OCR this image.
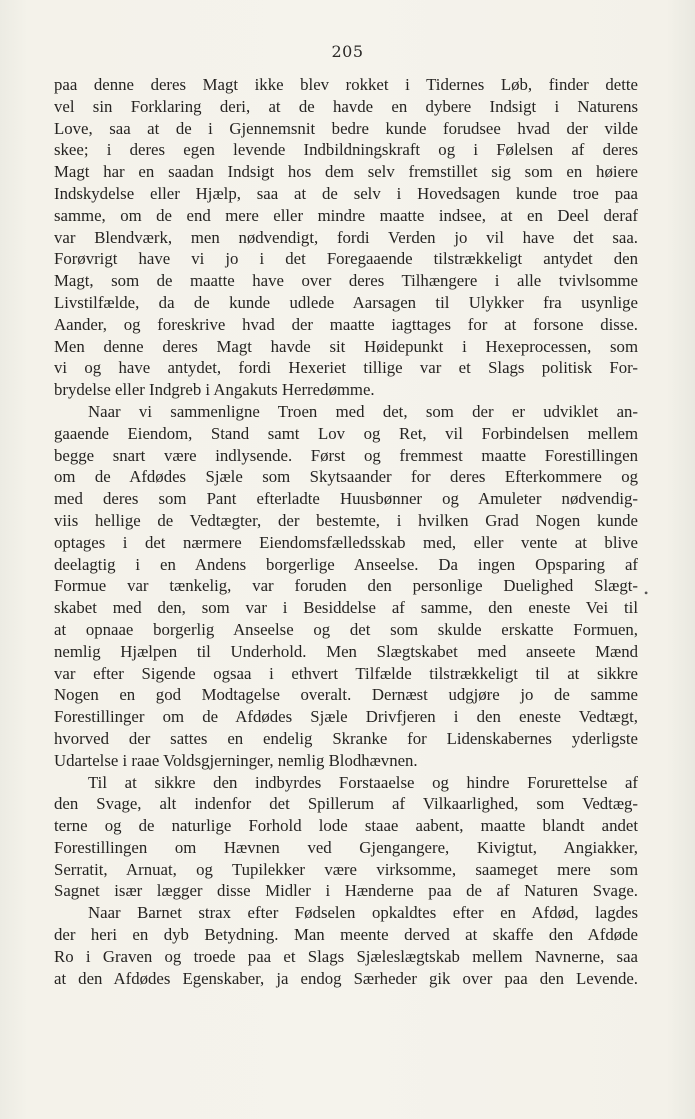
205
paa denne deres Magt ikke blev rokket i Tidernes Løb, finder dette
vel sin Forklaring deri, at de havde en dybere Indsigt i Naturens
Love, saa at de i Gjennemsnit bedre kunde forudsee hvad der vilde
skee; i deres egen levende Indbildningskraft og i Følelsen af deres
Magt har en saadan Indsigt hos dem selv fremstillet sig som en høiere
Indskydelse eller Hjælp, saa at de selv i Hovedsagen kunde troe paa
samme, om de end mere eller mindre maatte indsee, at en Deel deraf
var Blendværk, men nødvendigt, fordi Verden jo vil have det saa.
Forøvrigt have vi jo i det Foregaaende tilstrækkeligt antydet den
Magt, som de maatte have over deres Tilhængere i alle tvivlsomme
Livstilfælde, da de kunde udlede Aarsagen til Ulykker fra usynlige
Aander, og foreskrive hvad der maatte iagttages for at forsone disse.
Men denne deres Magt havde sit Høidepunkt i Hexeprocessen, som
vi og have antydet, fordi Hexeriet tillige var et Slags politisk For-
brydelse eller Indgreb i Angakuts Herredømme.
Naar vi sammenligne Troen med det, som der er udviklet an-
gaaende Eiendom, Stand samt Lov og Ret, vil Forbindelsen mellem
begge snart være indlysende. Først og fremmest maatte Forestillingen
om de Afdødes Sjæle som Skytsaander for deres Efterkommere og
med deres som Pant efterladte Huusbønner og Amuleter nødvendig-
viis hellige de Vedtægter, der bestemte, i hvilken Grad Nogen kunde
optages i det nærmere Eiendomsfælledsskab med, eller vente at blive
deelagtig i en Andens borgerlige Anseelse. Da ingen Opsparing af
Formue var tænkelig, var foruden den personlige Duelighed Slægt-
skabet med den, som var i Besiddelse af samme, den eneste Vei til
at opnaae borgerlig Anseelse og det som skulde erskatte Formuen,
nemlig Hjælpen til Underhold. Men Slægtskabet med anseete Mænd
var efter Sigende ogsaa i ethvert Tilfælde tilstrækkeligt til at sikkre
Nogen en god Modtagelse overalt. Dernæst udgjøre jo de samme
Forestillinger om de Afdødes Sjæle Drivfjeren i den eneste Vedtægt,
hvorved der sattes en endelig Skranke for Lidenskabernes yderligste
Udartelse i raae Voldsgjerninger, nemlig Blodhævnen.
Til at sikkre den indbyrdes Forstaaelse og hindre Forurettelse af
den Svage, alt indenfor det Spillerum af Vilkaarlighed, som Vedtæg-
terne og de naturlige Forhold lode staae aabent, maatte blandt andet
Forestillingen om Hævnen ved Gjengangere, Kivigtut, Angiakker,
Serratit, Arnuat, og Tupilekker være virksomme, saameget mere som
Sagnet især lægger disse Midler i Hænderne paa de af Naturen Svage.
Naar Barnet strax efter Fødselen opkaldtes efter en Afdød, lagdes
der heri en dyb Betydning. Man meente derved at skaffe den Afdøde
Ro i Graven og troede paa et Slags Sjæleslægtskab mellem Navnerne, saa
at den Afdødes Egenskaber, ja endog Særheder gik over paa den Levende.
•
